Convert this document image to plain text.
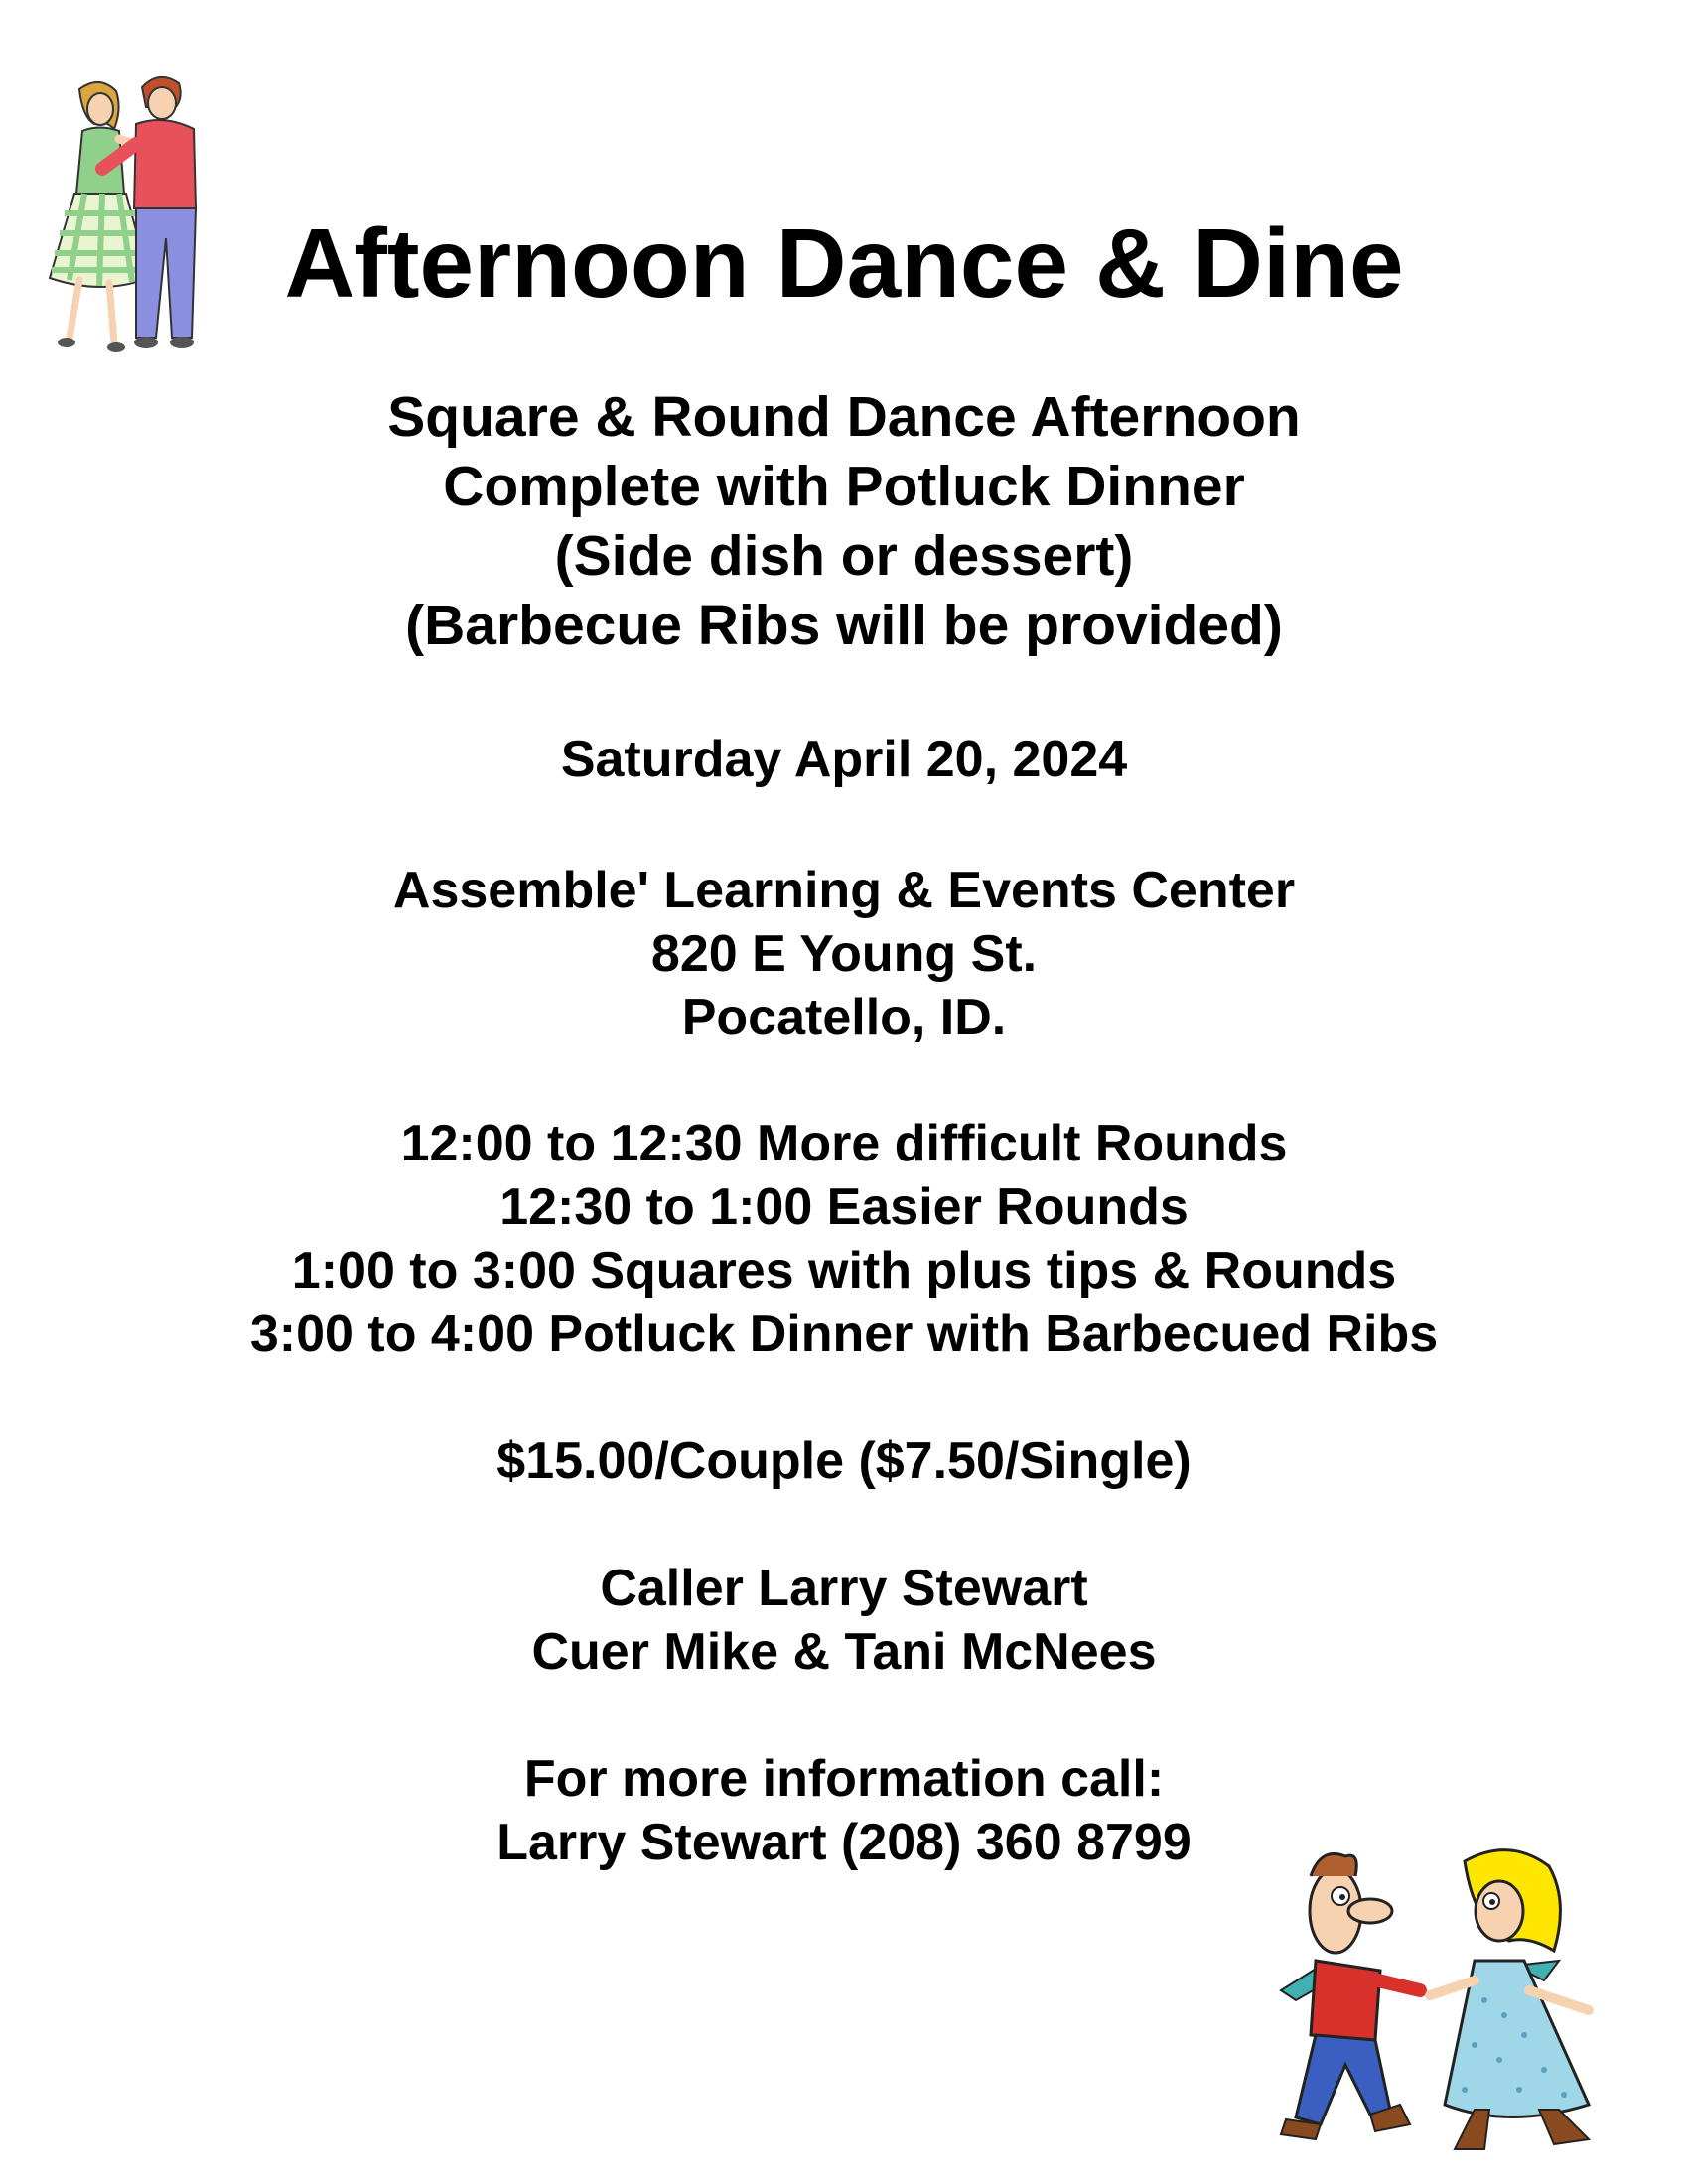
Afternoon Dance & Dine
Square & Round Dance Afternoon
Complete with Potluck Dinner
(Side dish or dessert)
(Barbecue Ribs will be provided)
Saturday April 20, 2024
Assemble' Learning & Events Center
820 E Young St.
Pocatello, ID.
12:00 to 12:30 More difficult Rounds
12:30 to 1:00 Easier Rounds
1:00 to 3:00 Squares with plus tips & Rounds
3:00 to 4:00 Potluck Dinner with Barbecued Ribs
$15.00/Couple ($7.50/Single)
Caller Larry Stewart
Cuer Mike & Tani McNees
For more information call:
Larry Stewart (208) 360 8799
